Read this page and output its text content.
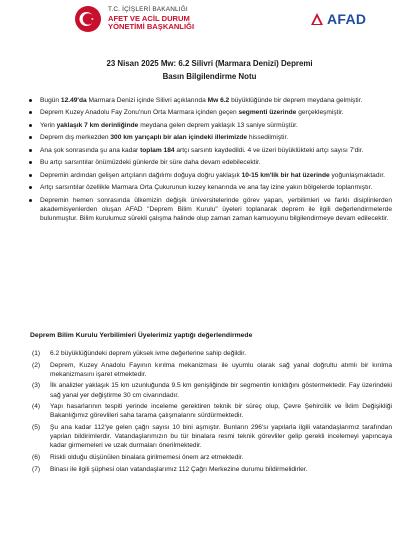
T.C. İÇİŞLERİ BAKANLIĞI
AFET VE ACİL DURUM
YÖNETİMİ BAŞKANLIĞI	AFAD
23 Nisan 2025 Mw: 6.2 Silivri (Marmara Denizi) Depremi
Basın Bilgilendirme Notu
Bugün 12.49'da Marmara Denizi içinde Silivri açıklarında Mw 6.2 büyüklüğünde bir deprem meydana gelmiştir.
Deprem Kuzey Anadolu Fay Zonu'nun Orta Marmara içinden geçen segmenti üzerinde gerçekleşmiştir.
Yerin yaklaşık 7 km derinliğinde meydana gelen deprem yaklaşık 13 saniye sürmüştür.
Deprem dış merkezden 300 km yarıçaplı bir alan içindeki illerimizde hissedilmiştir.
Ana şok sonrasında şu ana kadar toplam 184 artçı sarsıntı kaydedildi. 4 ve üzeri büyüklükteki artçı sayısı 7'dir.
Bu artçı sarsıntılar önümüzdeki günlerde bir süre daha devam edebilecektir.
Depremin ardından gelişen artçıların dağılımı doğuya doğru yaklaşık 10-15 km'lik bir hat üzerinde yoğunlaşmaktadır.
Artçı sarsıntılar özellikle Marmara Orta Çukurunun kuzey kenarında ve ana fay izine yakın bölgelerde toplanmıştır.
Depremin hemen sonrasında ülkemizin değişik üniversitelerinde görev yapan, yerbilimleri ve farklı disiplinlerden akademisyenlerden oluşan AFAD "Deprem Bilim Kurulu" üyeleri toplanarak deprem ile ilgili değerlendirmelerde bulunmuştur. Bilim kurulumuz sürekli çalışma halinde olup zaman zaman kamuoyunu bilgilendirmeye devam edilecektir.
Deprem Bilim Kurulu Yerbilimleri Üyelerimiz yaptığı değerlendirmede
(1) 6.2 büyüklüğündeki deprem yüksek ivme değerlerine sahip değildir.
(2) Deprem, Kuzey Anadolu Fayının kırılma mekanizması ile uyumlu olarak sağ yanal doğrultu atımlı bir kırılma mekanizmasını işaret etmektedir.
(3) İlk analizler yaklaşık 15 km uzunluğunda 9.5 km genişliğinde bir segmentin kırıldığını göstermektedir. Fay üzerindeki sağ yanal yer değiştirme 30 cm civarındadır.
(4) Yapı hasarlarının tespiti yerinde inceleme gerektiren teknik bir süreç olup, Çevre Şehircilik ve İklim Değişikliği Bakanlığımız görevlileri saha tarama çalışmalarını sürdürmektedir.
(5) Şu ana kadar 112'ye gelen çağrı sayısı 10 bini aşmıştır. Bunların 296'sı yapılarla ilgili vatandaşlarımız tarafından yapılan bildirimlerdir. Vatandaşlarımızın bu tür binalara resmi teknik görevliler gelip gerekli incelemeyi yapıncaya kadar girmemeleri ve uzak durmaları önerilmektedir.
(6) Riskli olduğu düşünülen binalara girilmemesi önem arz etmektedir.
(7) Binası ile ilgili şüphesi olan vatandaşlarımız 112 Çağrı Merkezine durumu bildirmelidirler.
